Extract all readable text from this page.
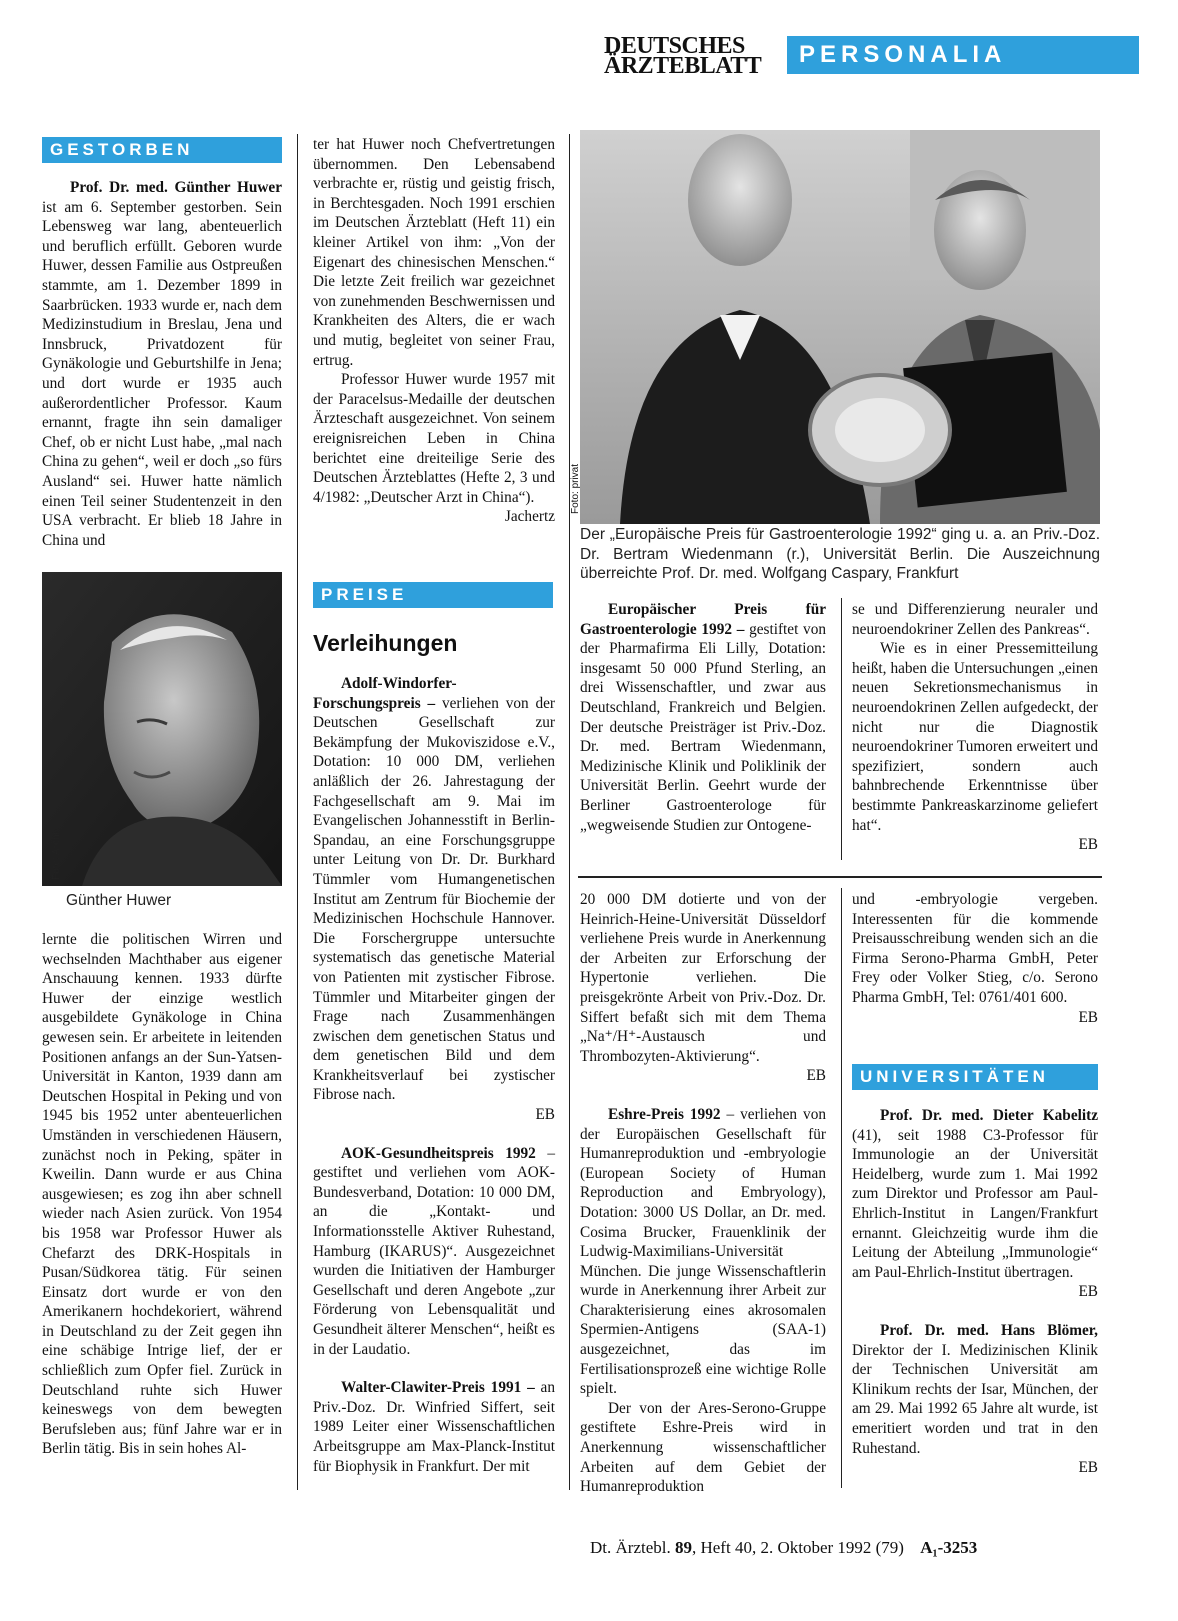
DEUTSCHES
ÄRZTEBLATT	PERSONALIA
GESTORBEN

Prof. Dr. med. Günther Huwer ist am 6. September gestorben. Sein Lebensweg war lang, abenteuerlich und beruflich erfüllt. Geboren wurde Huwer, dessen Familie aus Ostpreußen stammte, am 1. Dezember 1899 in Saarbrücken. 1933 wurde er, nach dem Medizinstudium in Breslau, Jena und Innsbruck, Privatdozent für Gynäkologie und Geburtshilfe in Jena; und dort wurde er 1935 auch außerordentlicher Professor. Kaum ernannt, fragte ihn sein damaliger Chef, ob er nicht Lust habe, „mal nach China zu gehen“, weil er doch „so fürs Ausland“ sei. Huwer hatte nämlich einen Teil seiner Studentenzeit in den USA verbracht. Er blieb 18 Jahre in China und

Foto: Archiv
Günther Huwer

lernte die politischen Wirren und wechselnden Machthaber aus eigener Anschauung kennen. 1933 dürfte Huwer der einzige westlich ausgebildete Gynäkologe in China gewesen sein. Er arbeitete in leitenden Positionen anfangs an der Sun-Yatsen-Universität in Kanton, 1939 dann am Deutschen Hospital in Peking und von 1945 bis 1952 unter abenteuerlichen Umständen in verschiedenen Häusern, zunächst noch in Peking, später in Kweilin. Dann wurde er aus China ausgewiesen; es zog ihn aber schnell wieder nach Asien zurück. Von 1954 bis 1958 war Professor Huwer als Chefarzt des DRK-Hospitals in Pusan/Südkorea tätig. Für seinen Einsatz dort wurde er von den Amerikanern hochdekoriert, während in Deutschland zu der Zeit gegen ihn eine schäbige Intrige lief, der er schließlich zum Opfer fiel. Zurück in Deutschland ruhte sich Huwer keineswegs von dem bewegten Berufsleben aus; fünf Jahre war er in Berlin tätig. Bis in sein hohes Al-

ter hat Huwer noch Chefvertretungen übernommen. Den Lebensabend verbrachte er, rüstig und geistig frisch, in Berchtesgaden. Noch 1991 erschien im Deutschen Ärzteblatt (Heft 11) ein kleiner Artikel von ihm: „Von der Eigenart des chinesischen Menschen.“ Die letzte Zeit freilich war gezeichnet von zunehmenden Beschwernissen und Krankheiten des Alters, die er wach und mutig, begleitet von seiner Frau, ertrug.

Professor Huwer wurde 1957 mit der Paracelsus-Medaille der deutschen Ärzteschaft ausgezeichnet. Von seinem ereignisreichen Leben in China berichtet eine dreiteilige Serie des Deutschen Ärzteblattes (Hefte 2, 3 und 4/1982: „Deutscher Arzt in China“).
Jachertz

PREISE
Verleihungen

Adolf-Windorfer-Forschungspreis – verliehen von der Deutschen Gesellschaft zur Bekämpfung der Mukoviszidose e.V., Dotation: 10 000 DM, verliehen anläßlich der 26. Jahrestagung der Fachgesellschaft am 9. Mai im Evangelischen Johannesstift in Berlin-Spandau, an eine Forschungsgruppe unter Leitung von Dr. Dr. Burkhard Tümmler vom Humangenetischen Institut am Zentrum für Biochemie der Medizinischen Hochschule Hannover. Die Forschergruppe untersuchte systematisch das genetische Material von Patienten mit zystischer Fibrose. Tümmler und Mitarbeiter gingen der Frage nach Zusammenhängen zwischen dem genetischen Status und dem genetischen Bild und dem Krankheitsverlauf bei zystischer Fibrose nach.
EB

AOK-Gesundheitspreis 1992 – gestiftet und verliehen vom AOK-Bundesverband, Dotation: 10 000 DM, an die „Kontakt- und Informationsstelle Aktiver Ruhestand, Hamburg (IKARUS)“. Ausgezeichnet wurden die Initiativen der Hamburger Gesellschaft und deren Angebote „zur Förderung von Lebensqualität und Gesundheit älterer Menschen“, heißt es in der Laudatio.

Walter-Clawiter-Preis 1991 – an Priv.-Doz. Dr. Winfried Siffert, seit 1989 Leiter einer Wissenschaftlichen Arbeitsgruppe am Max-Planck-Institut für Biophysik in Frankfurt. Der mit

Foto: privat
Der „Europäische Preis für Gastroenterologie 1992“ ging u. a. an Priv.-Doz. Dr. Bertram Wiedenmann (r.), Universität Berlin. Die Auszeichnung überreichte Prof. Dr. med. Wolfgang Caspary, Frankfurt

Europäischer Preis für Gastroenterologie 1992 – gestiftet von der Pharmafirma Eli Lilly, Dotation: insgesamt 50 000 Pfund Sterling, an drei Wissenschaftler, und zwar aus Deutschland, Frankreich und Belgien. Der deutsche Preisträger ist Priv.-Doz. Dr. med. Bertram Wiedenmann, Medizinische Klinik und Poliklinik der Universität Berlin. Geehrt wurde der Berliner Gastroenterologe für „wegweisende Studien zur Ontogene-

se und Differenzierung neuraler und neuroendokriner Zellen des Pankreas“.

Wie es in einer Pressemitteilung heißt, haben die Untersuchungen „einen neuen Sekretionsmechanismus in neuroendokrinen Zellen aufgedeckt, der nicht nur die Diagnostik neuroendokriner Tumoren erweitert und spezifiziert, sondern auch bahnbrechende Erkenntnisse über bestimmte Pankreaskarzinome geliefert hat“.
EB

20 000 DM dotierte und von der Heinrich-Heine-Universität Düsseldorf verliehene Preis wurde in Anerkennung der Arbeiten zur Erforschung der Hypertonie verliehen. Die preisgekrönte Arbeit von Priv.-Doz. Dr. Siffert befaßt sich mit dem Thema „Na⁺/H⁺-Austausch und Thrombozyten-Aktivierung“.
EB

Eshre-Preis 1992 – verliehen von der Europäischen Gesellschaft für Humanreproduktion und -embryologie (European Society of Human Reproduction and Embryology), Dotation: 3000 US Dollar, an Dr. med. Cosima Brucker, Frauenklinik der Ludwig-Maximilians-Universität München. Die junge Wissenschaftlerin wurde in Anerkennung ihrer Arbeit zur Charakterisierung eines akrosomalen Spermien-Antigens (SAA-1) ausgezeichnet, das im Fertilisationsprozeß eine wichtige Rolle spielt.

Der von der Ares-Serono-Gruppe gestiftete Eshre-Preis wird in Anerkennung wissenschaftlicher Arbeiten auf dem Gebiet der Humanreproduktion

und -embryologie vergeben. Interessenten für die kommende Preisausschreibung wenden sich an die Firma Serono-Pharma GmbH, Peter Frey oder Volker Stieg, c/o. Serono Pharma GmbH, Tel: 0761/401 600.
EB

UNIVERSITÄTEN

Prof. Dr. med. Dieter Kabelitz (41), seit 1988 C3-Professor für Immunologie an der Universität Heidelberg, wurde zum 1. Mai 1992 zum Direktor und Professor am Paul-Ehrlich-Institut in Langen/Frankfurt ernannt. Gleichzeitig wurde ihm die Leitung der Abteilung „Immunologie“ am Paul-Ehrlich-Institut übertragen.
EB

Prof. Dr. med. Hans Blömer, Direktor der I. Medizinischen Klinik der Technischen Universität am Klinikum rechts der Isar, München, der am 29. Mai 1992 65 Jahre alt wurde, ist emeritiert worden und trat in den Ruhestand.
EB

Dt. Ärztebl. 89, Heft 40, 2. Oktober 1992 (79) A₁-3253
